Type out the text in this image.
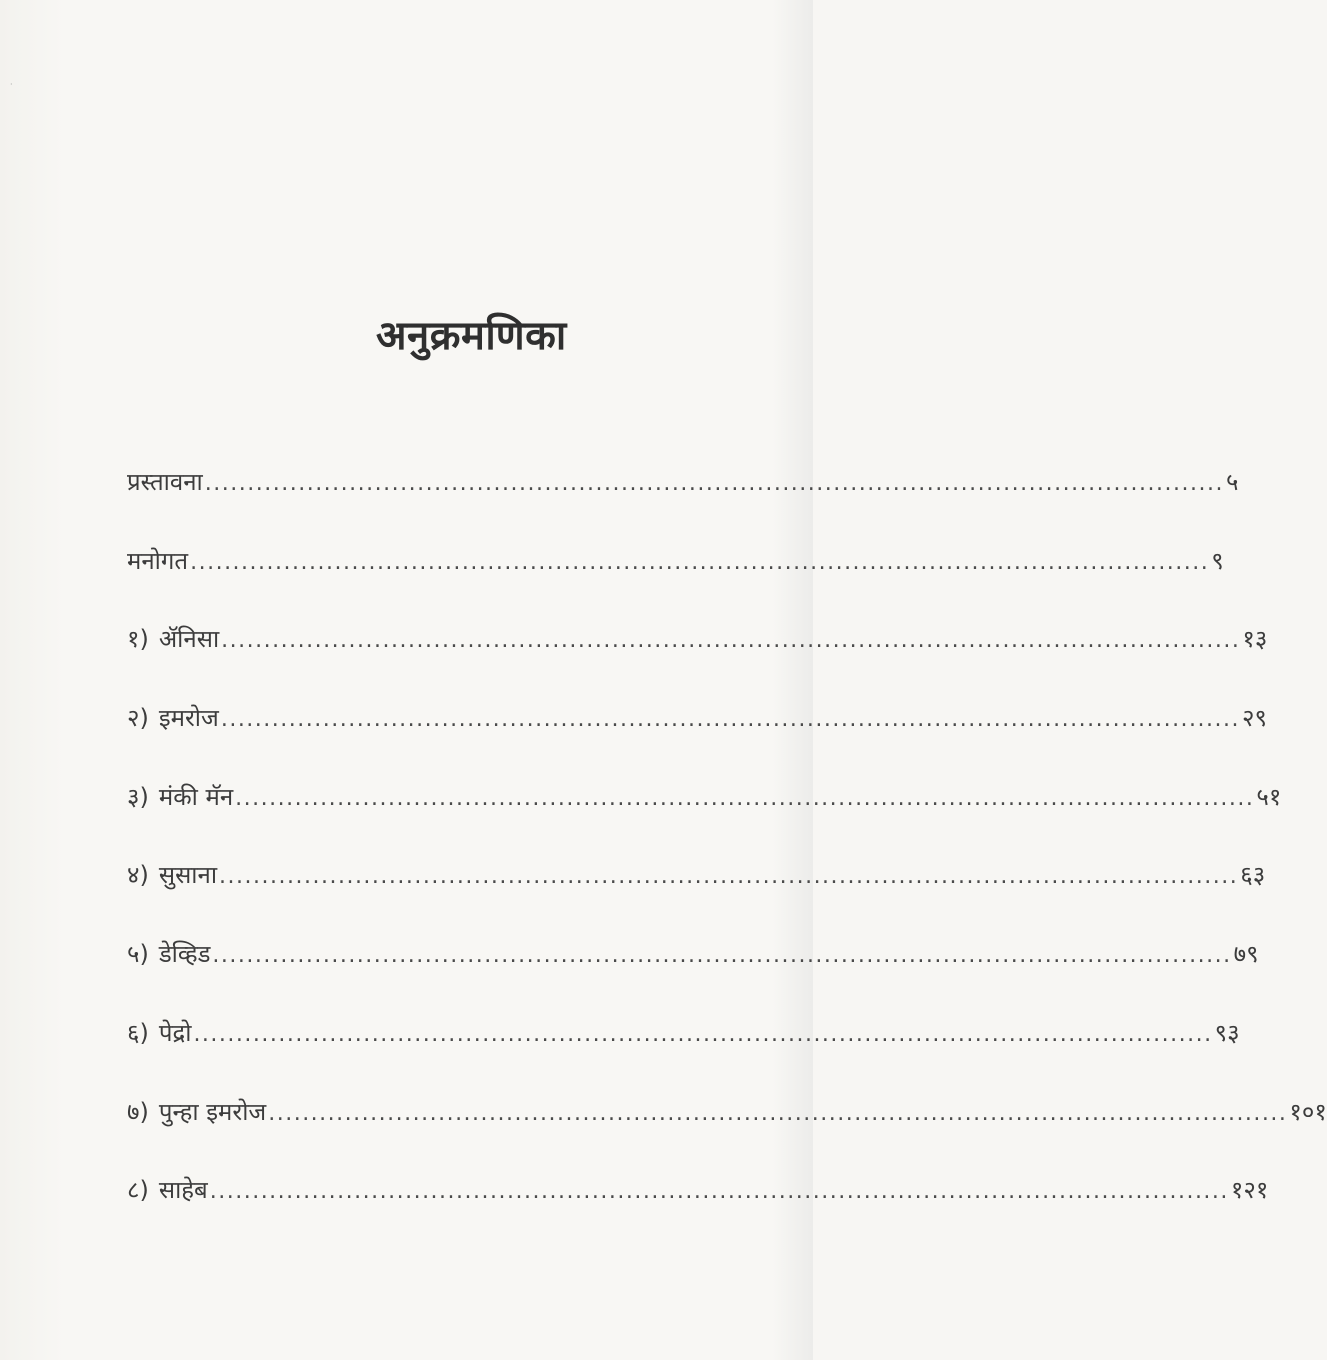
·
अनुक्रमणिका
प्रस्तावना ........................................................................................................................ ५
मनोगत ........................................................................................................................ ९
१) ॲनिसा ........................................................................................................................ १३
२) इमरोज ........................................................................................................................ २९
३) मंकी मॅन ........................................................................................................................ ५१
४) सुसाना ........................................................................................................................ ६३
५) डेव्हिड ........................................................................................................................ ७९
६) पेद्रो ........................................................................................................................ ९३
७) पुन्हा इमरोज ........................................................................................................................ १०१
८) साहेब ........................................................................................................................ १२१
